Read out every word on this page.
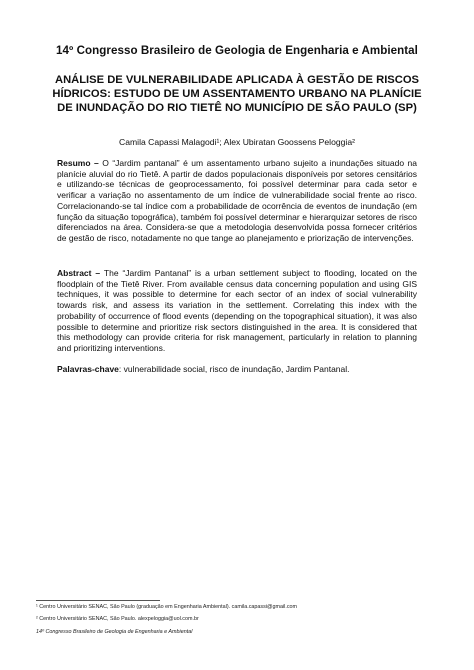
14º Congresso Brasileiro de Geologia de Engenharia e Ambiental
ANÁLISE DE VULNERABILIDADE APLICADA À GESTÃO DE RISCOS
HÍDRICOS: ESTUDO DE UM ASSENTAMENTO URBANO NA PLANÍCIE
DE INUNDAÇÃO DO RIO TIETÊ NO MUNICÍPIO DE SÃO PAULO (SP)
Camila Capassi Malagodi¹; Alex Ubiratan Goossens Peloggia²
Resumo – O “Jardim pantanal” é um assentamento urbano sujeito a inundações situado na planície aluvial do rio Tietê. A partir de dados populacionais disponíveis por setores censitários e utilizando-se técnicas de geoprocessamento, foi possível determinar para cada setor e verificar a variação no assentamento de um índice de vulnerabilidade social frente ao risco. Correlacionando-se tal índice com a probabilidade de ocorrência de eventos de inundação (em função da situação topográfica), também foi possível determinar e hierarquizar setores de risco diferenciados na área. Considera-se que a metodologia desenvolvida possa fornecer critérios de gestão de risco, notadamente no que tange ao planejamento e priorização de intervenções.
Abstract – The “Jardim Pantanal” is a urban settlement subject to flooding, located on the floodplain of the Tietê River. From available census data concerning population and using GIS techniques, it was possible to determine for each sector of an index of social vulnerability towards risk, and assess its variation in the settlement. Correlating this index with the probability of occurrence of flood events (depending on the topographical situation), it was also possible to determine and prioritize risk sectors distinguished in the area. It is considered that this methodology can provide criteria for risk management, particularly in relation to planning and prioritizing interventions.
Palavras-chave: vulnerabilidade social, risco de inundação, Jardim Pantanal.
¹ Centro Universitário SENAC, São Paulo (graduação em Engenharia Ambiental). camila.capassi@gmail.com
² Centro Universitário SENAC, São Paulo. alexpeloggia@uol.com.br
14º Congresso Brasileiro de Geologia de Engenharia e Ambiental
